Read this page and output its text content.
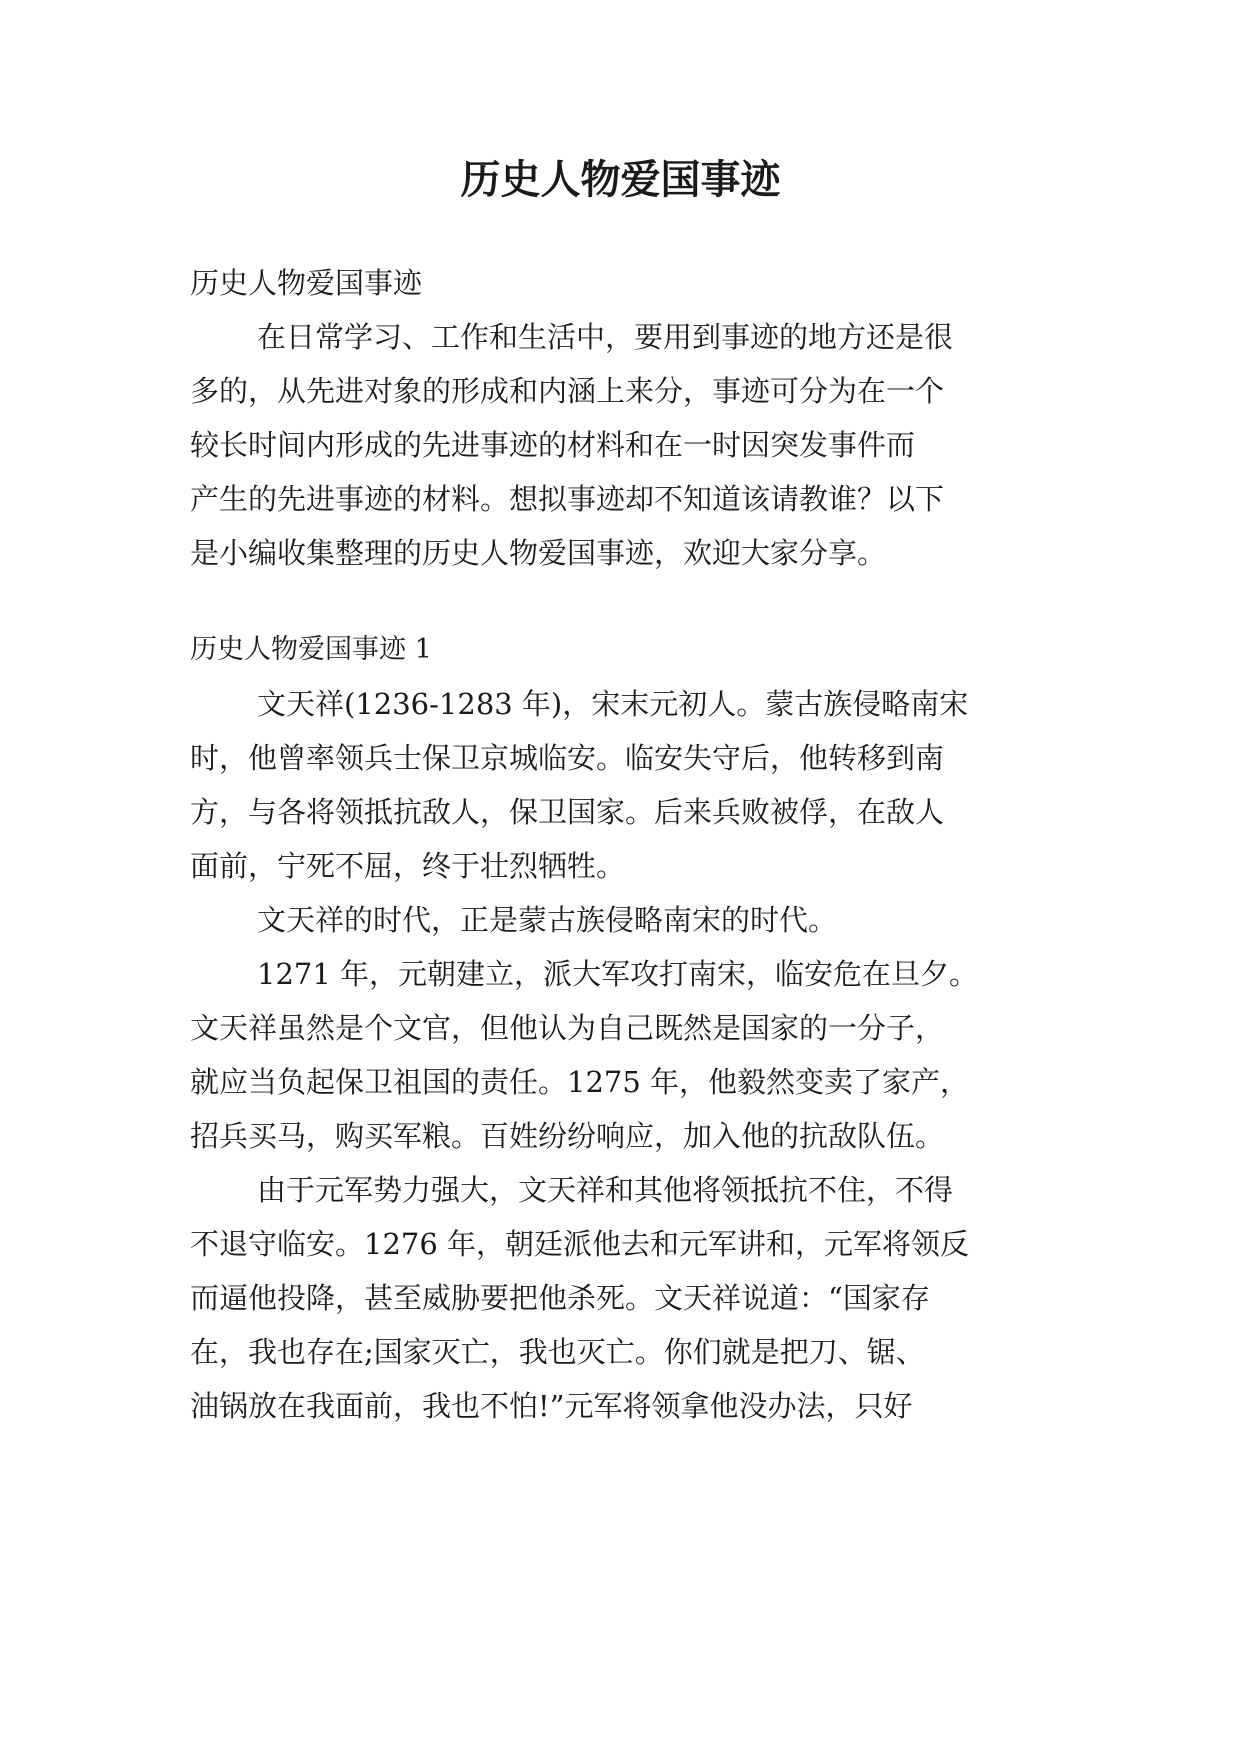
历史人物爱国事迹

历史人物爱国事迹

在日常学习、工作和生活中，要用到事迹的地方还是很

多的，从先进对象的形成和内涵上来分，事迹可分为在一个

较长时间内形成的先进事迹的材料和在一时因突发事件而

产生的先进事迹的材料。想拟事迹却不知道该请教谁？以下

是小编收集整理的历史人物爱国事迹，欢迎大家分享。

历史人物爱国事迹 1

文天祥(1236-1283 年)，宋末元初人。蒙古族侵略南宋

时，他曾率领兵士保卫京城临安。临安失守后，他转移到南

方，与各将领抵抗敌人，保卫国家。后来兵败被俘，在敌人

面前，宁死不屈，终于壮烈牺牲。

文天祥的时代，正是蒙古族侵略南宋的时代。

1271 年，元朝建立，派大军攻打南宋，临安危在旦夕。

文天祥虽然是个文官，但他认为自己既然是国家的一分子，

就应当负起保卫祖国的责任。1275 年，他毅然变卖了家产，

招兵买马，购买军粮。百姓纷纷响应，加入他的抗敌队伍。

由于元军势力强大，文天祥和其他将领抵抗不住，不得

不退守临安。1276 年，朝廷派他去和元军讲和，元军将领反

而逼他投降，甚至威胁要把他杀死。文天祥说道：“国家存

在，我也存在;国家灭亡，我也灭亡。你们就是把刀、锯、

油锅放在我面前，我也不怕!”元军将领拿他没办法，只好
